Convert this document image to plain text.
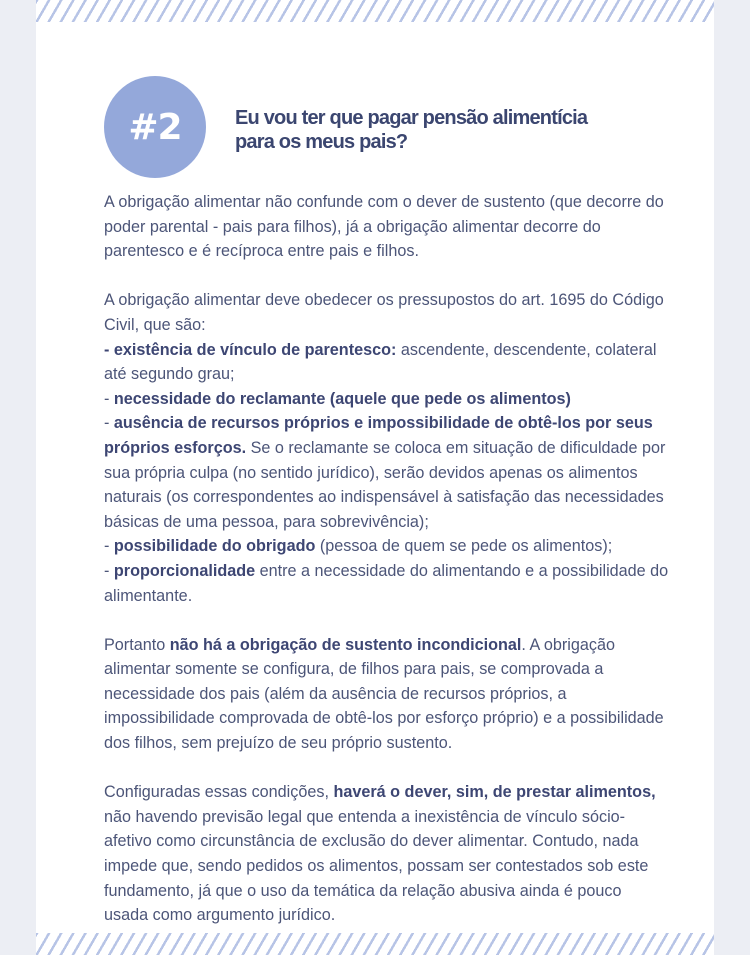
#2	Eu vou ter que pagar pensão alimentícia
para os meus pais?

A obrigação alimentar não confunde com o dever de sustento (que decorre do poder parental - pais para filhos), já a obrigação alimentar decorre do parentesco e é recíproca entre pais e filhos.

A obrigação alimentar deve obedecer os pressupostos do art. 1695 do Código Civil, que são:
- existência de vínculo de parentesco: ascendente, descendente, colateral até segundo grau;
- necessidade do reclamante (aquele que pede os alimentos)
- ausência de recursos próprios e impossibilidade de obtê-los por seus próprios esforços. Se o reclamante se coloca em situação de dificuldade por sua própria culpa (no sentido jurídico), serão devidos apenas os alimentos naturais (os correspondentes ao indispensável à satisfação das necessidades básicas de uma pessoa, para sobrevivência);
- possibilidade do obrigado (pessoa de quem se pede os alimentos);
- proporcionalidade entre a necessidade do alimentando e a possibilidade do alimentante.

Portanto não há a obrigação de sustento incondicional. A obrigação alimentar somente se configura, de filhos para pais, se comprovada a necessidade dos pais (além da ausência de recursos próprios, a impossibilidade comprovada de obtê-los por esforço próprio) e a possibilidade dos filhos, sem prejuízo de seu próprio sustento.

Configuradas essas condições, haverá o dever, sim, de prestar alimentos, não havendo previsão legal que entenda a inexistência de vínculo sócio-afetivo como circunstância de exclusão do dever alimentar. Contudo, nada impede que, sendo pedidos os alimentos, possam ser contestados sob este fundamento, já que o uso da temática da relação abusiva ainda é pouco usada como argumento jurídico.
